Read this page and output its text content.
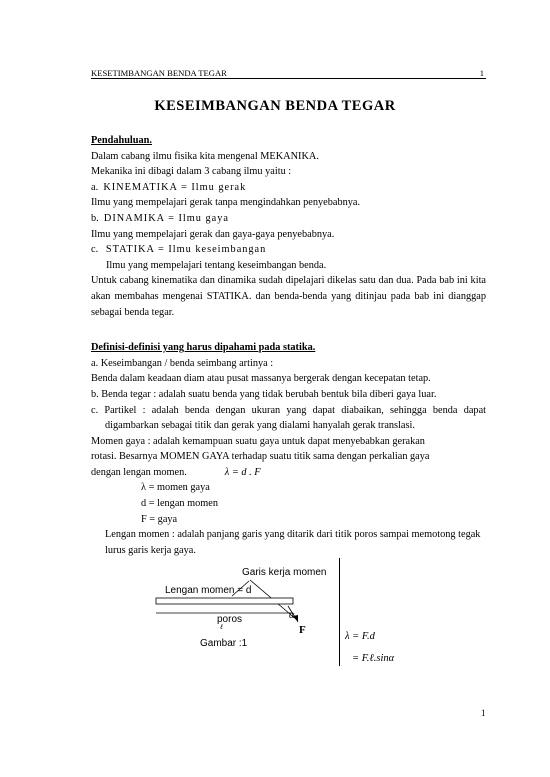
KESETIMBANGAN BENDA TEGAR	1
KESEIMBANGAN BENDA TEGAR

Pendahuluan.

Dalam cabang ilmu fisika kita mengenal MEKANIKA.

Mekanika ini dibagi dalam 3 cabang ilmu yaitu :

a. KINEMATIKA = Ilmu gerak

Ilmu yang mempelajari gerak tanpa mengindahkan penyebabnya.

b. DINAMIKA = Ilmu gaya

Ilmu yang mempelajari gerak dan gaya-gaya penyebabnya.

c. STATIKA = Ilmu keseimbangan

Ilmu yang mempelajari tentang keseimbangan benda.

Untuk cabang kinematika dan dinamika sudah dipelajari dikelas satu dan dua. Pada bab ini kita akan membahas mengenai STATIKA. dan benda-benda yang ditinjau pada bab ini dianggap sebagai benda tegar.

Definisi-definisi yang harus dipahami pada statika.

a. Keseimbangan / benda seimbang artinya :

Benda dalam keadaan diam atau pusat massanya bergerak dengan kecepatan tetap.

b. Benda tegar : adalah suatu benda yang tidak berubah bentuk bila diberi gaya luar.

c. Partikel : adalah benda dengan ukuran yang dapat diabaikan, sehingga benda dapat digambarkan sebagai titik dan gerak yang dialami hanyalah gerak translasi.

Momen gaya : adalah kemampuan suatu gaya untuk dapat menyebabkan gerakan

rotasi. Besarnya MOMEN GAYA terhadap suatu titik sama dengan perkalian gaya

dengan lengan momen.	λ = d . F

λ = momen gaya

d = lengan momen

F = gaya

Lengan momen : adalah panjang garis yang ditarik dari titik poros sampai memotong tegak lurus garis kerja gaya.

Garis kerja momen
Lengan momen = d
poros
ℓ
α
F
Gambar :1
λ = F.d
= F.ℓ.sinα
1
